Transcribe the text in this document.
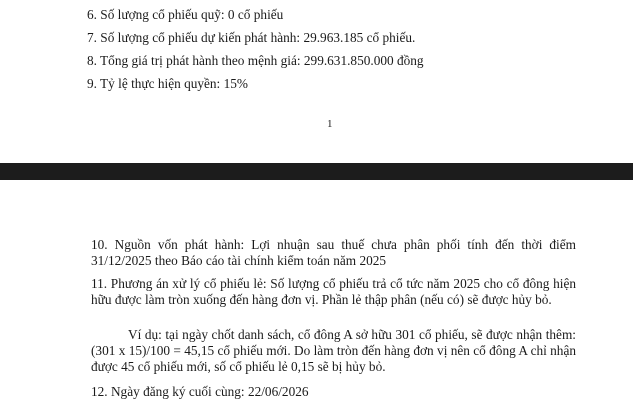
6. Số lượng cổ phiếu quỹ: 0 cổ phiếu
7. Số lượng cổ phiếu dự kiến phát hành: 29.963.185 cổ phiếu.
8. Tổng giá trị phát hành theo mệnh giá: 299.631.850.000 đồng
9. Tỷ lệ thực hiện quyền: 15%
1
10. Nguồn vốn phát hành: Lợi nhuận sau thuế chưa phân phối tính đến thời điểm 31/12/2025 theo Báo cáo tài chính kiểm toán năm 2025
11. Phương án xử lý cổ phiếu lẻ: Số lượng cổ phiếu trả cổ tức năm 2025 cho cổ đông hiện hữu được làm tròn xuống đến hàng đơn vị. Phần lẻ thập phân (nếu có) sẽ được hủy bỏ.
Ví dụ: tại ngày chốt danh sách, cổ đông A sở hữu 301 cổ phiếu, sẽ được nhận thêm: (301 x 15)/100 = 45,15 cổ phiếu mới. Do làm tròn đến hàng đơn vị nên cổ đông A chỉ nhận được 45 cổ phiếu mới, số cổ phiếu lẻ 0,15 sẽ bị hủy bỏ.
12. Ngày đăng ký cuối cùng: 22/06/2026
